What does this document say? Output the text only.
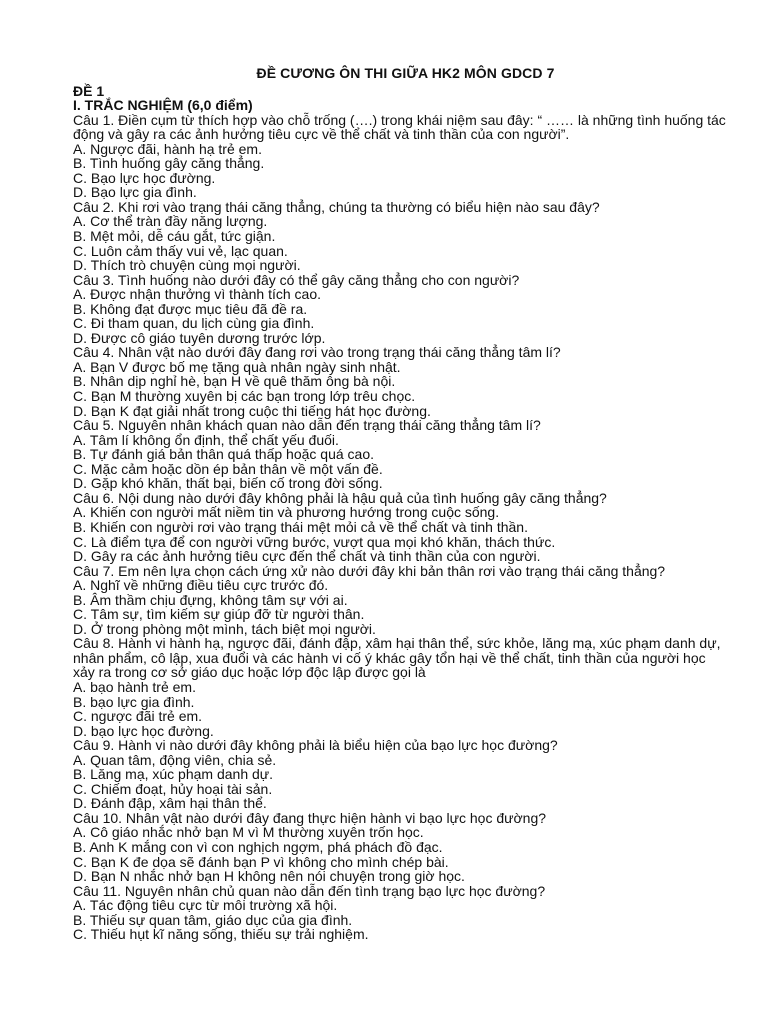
ĐỀ CƯƠNG ÔN THI GIỮA HK2 MÔN GDCD 7
ĐỀ 1
I. TRẮC NGHIỆM (6,0 điểm)
Câu 1. Điền cụm từ thích hợp vào chỗ trống (….) trong khái niệm sau đây: “ …… là những tình huống tác động và gây ra các ảnh hưởng tiêu cực về thể chất và tinh thần của con người”.
A. Ngược đãi, hành hạ trẻ em.
B. Tình huống gây căng thẳng.
C. Bạo lực học đường.
D. Bạo lực gia đình.
Câu 2. Khi rơi vào trạng thái căng thẳng, chúng ta thường có biểu hiện nào sau đây?
A. Cơ thể tràn đầy năng lượng.
B. Mệt mỏi, dễ cáu gắt, tức giận.
C. Luôn cảm thấy vui vẻ, lạc quan.
D. Thích trò chuyện cùng mọi người.
Câu 3. Tình huống nào dưới đây có thể gây căng thẳng cho con người?
A. Được nhận thưởng vì thành tích cao.
B. Không đạt được mục tiêu đã đề ra.
C. Đi tham quan, du lịch cùng gia đình.
D. Được cô giáo tuyên dương trước lớp.
Câu 4. Nhân vật nào dưới đây đang rơi vào trong trạng thái căng thẳng tâm lí?
A. Bạn V được bố mẹ tặng quà nhân ngày sinh nhật.
B. Nhân dịp nghỉ hè, bạn H về quê thăm ông bà nội.
C. Bạn M thường xuyên bị các bạn trong lớp trêu chọc.
D. Bạn K đạt giải nhất trong cuộc thi tiếng hát học đường.
Câu 5. Nguyên nhân khách quan nào dẫn đến trạng thái căng thẳng tâm lí?
A. Tâm lí không ổn định, thể chất yếu đuối.
B. Tự đánh giá bản thân quá thấp hoặc quá cao.
C. Mặc cảm hoặc dồn ép bản thân về một vấn đề.
D. Gặp khó khăn, thất bại, biến cố trong đời sống.
Câu 6. Nội dung nào dưới đây không phải là hậu quả của tình huống gây căng thẳng?
A. Khiến con người mất niềm tin và phương hướng trong cuộc sống.
B. Khiến con người rơi vào trạng thái mệt mỏi cả về thể chất và tinh thần.
C. Là điểm tựa để con người vững bước, vượt qua mọi khó khăn, thách thức.
D. Gây ra các ảnh hưởng tiêu cực đến thể chất và tinh thần của con người.
Câu 7. Em nên lựa chọn cách ứng xử nào dưới đây khi bản thân rơi vào trạng thái căng thẳng?
A. Nghĩ về những điều tiêu cực trước đó.
B. Âm thầm chịu đựng, không tâm sự với ai.
C. Tâm sự, tìm kiếm sự giúp đỡ từ người thân.
D. Ở trong phòng một mình, tách biệt mọi người.
Câu 8. Hành vi hành hạ, ngược đãi, đánh đập, xâm hại thân thể, sức khỏe, lăng mạ, xúc phạm danh dự, nhân phẩm, cô lập, xua đuổi và các hành vi cố ý khác gây tổn hại về thể chất, tinh thần của người học xảy ra trong cơ sở giáo dục hoặc lớp độc lập được gọi là
A. bạo hành trẻ em.
B. bạo lực gia đình.
C. ngược đãi trẻ em.
D. bạo lực học đường.
Câu 9. Hành vi nào dưới đây không phải là biểu hiện của bạo lực học đường?
A. Quan tâm, động viên, chia sẻ.
B. Lăng mạ, xúc phạm danh dự.
C. Chiếm đoạt, hủy hoại tài sản.
D. Đánh đập, xâm hại thân thể.
Câu 10. Nhân vật nào dưới đây đang thực hiện hành vi bạo lực học đường?
A. Cô giáo nhắc nhở bạn M vì M thường xuyên trốn học.
B. Anh K mắng con vì con nghịch ngợm, phá phách đồ đạc.
C. Bạn K đe dọa sẽ đánh bạn P vì không cho mình chép bài.
D. Bạn N nhắc nhở bạn H không nên nói chuyện trong giờ học.
Câu 11. Nguyên nhân chủ quan nào dẫn đến tình trạng bạo lực học đường?
A. Tác động tiêu cực từ môi trường xã hội.
B. Thiếu sự quan tâm, giáo dục của gia đình.
C. Thiếu hụt kĩ năng sống, thiếu sự trải nghiệm.
